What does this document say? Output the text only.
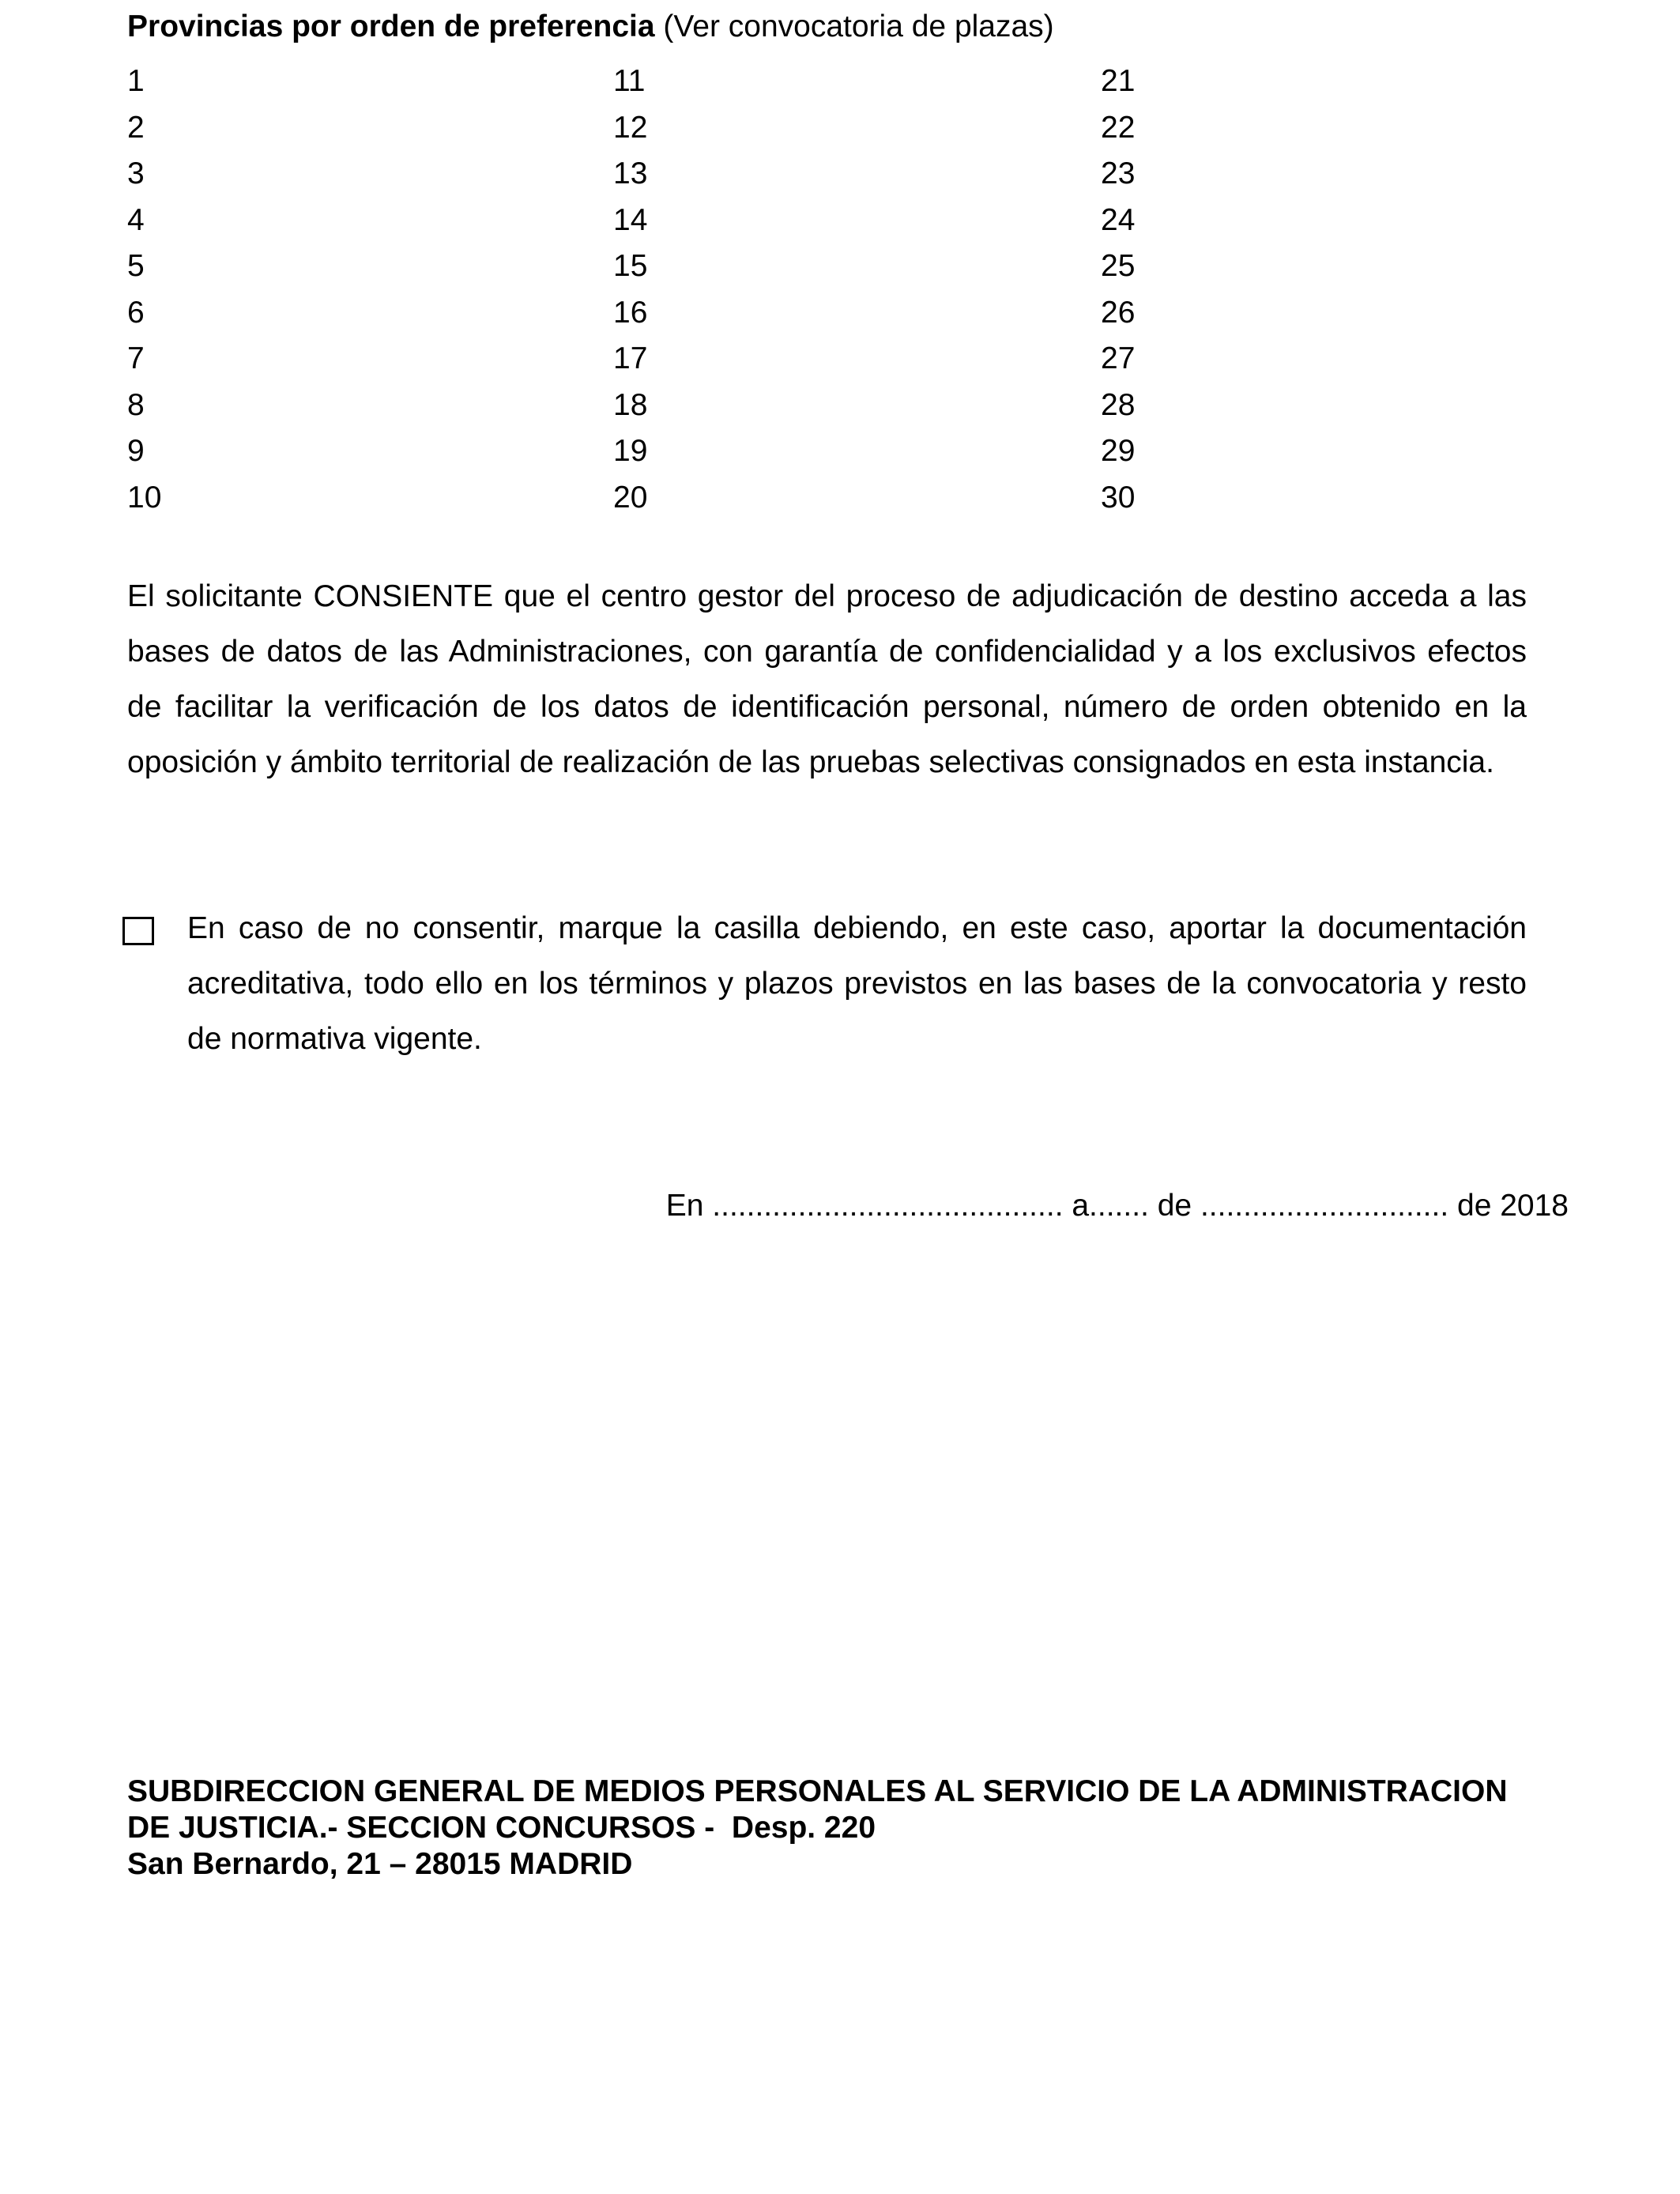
Provincias por orden de preferencia (Ver convocatoria de plazas)
1
2
3
4
5
6
7
8
9
10
11
12
13
14
15
16
17
18
19
20
21
22
23
24
25
26
27
28
29
30
El solicitante CONSIENTE que el centro gestor del proceso de adjudicación de destino acceda a las bases de datos de las Administraciones, con garantía de confidencialidad y a los exclusivos efectos de facilitar la verificación de los datos de identificación personal, número de orden obtenido en la oposición y ámbito territorial de realización de las pruebas selectivas consignados en esta instancia.
En caso de no consentir, marque la casilla debiendo, en este caso, aportar la documentación acreditativa, todo ello en los términos y plazos previstos en las bases de la convocatoria y resto de normativa vigente.
En ......................................... a....... de ............................. de 2018
SUBDIRECCION GENERAL DE MEDIOS PERSONALES AL SERVICIO DE LA ADMINISTRACION
DE JUSTICIA.- SECCION CONCURSOS -  Desp. 220
San Bernardo, 21 – 28015 MADRID
